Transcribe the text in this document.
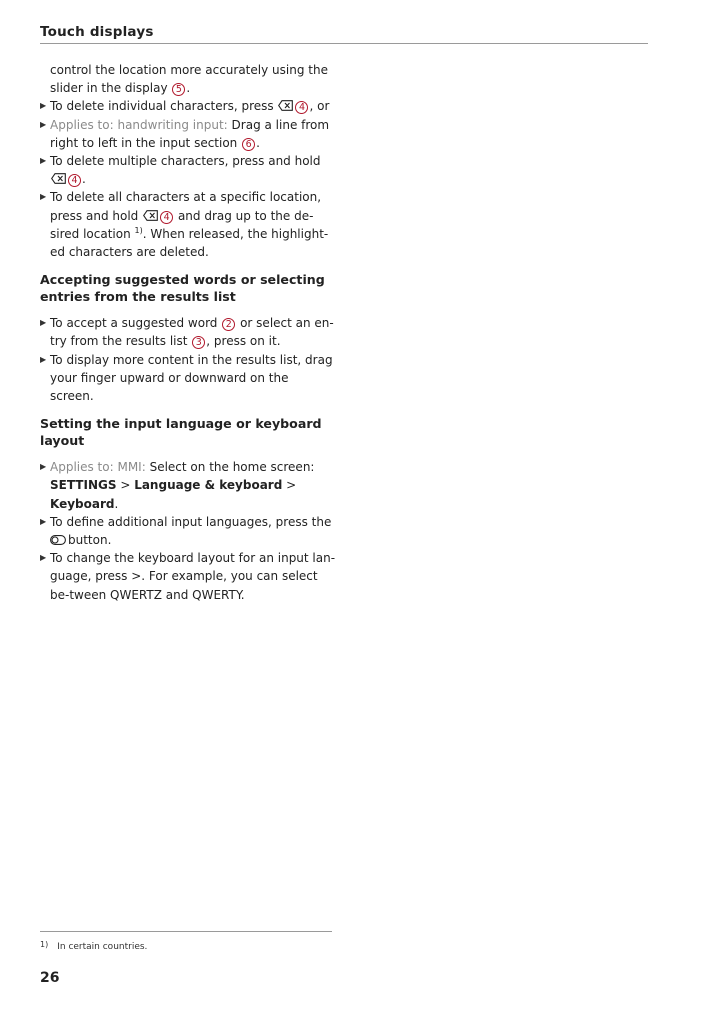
Touch displays
control the location more accurately using the slider in the display 5 .
▶ To delete individual characters, press	4 , or
▶ Applies to: handwriting input: Drag a line from right to left in the input section 6 .
▶ To delete multiple characters, press and hold 4 .
▶ To delete all characters at a specific location, press and hold	4 and drag up to the de-sired location $^{1)}$. When released, the highlight-ed characters are deleted.
Accepting suggested words or selecting entries from the results list
▶ To accept a suggested word 2 or select an en-try from the results list 3 , press on it.
▶ To display more content in the results list, drag your finger upward or downward on the screen.
Setting the input language or keyboard layout
▶ Applies to: MMI: Select on the home screen:
SETTINGS > Language & keyboard > Keyboard.
▶ To define additional input languages, press the
button.
▶ To change the keyboard layout for an input lan-guage, press >. For example, you can select be-tween QWERTZ and QWERTY.
1) In certain countries.
26
